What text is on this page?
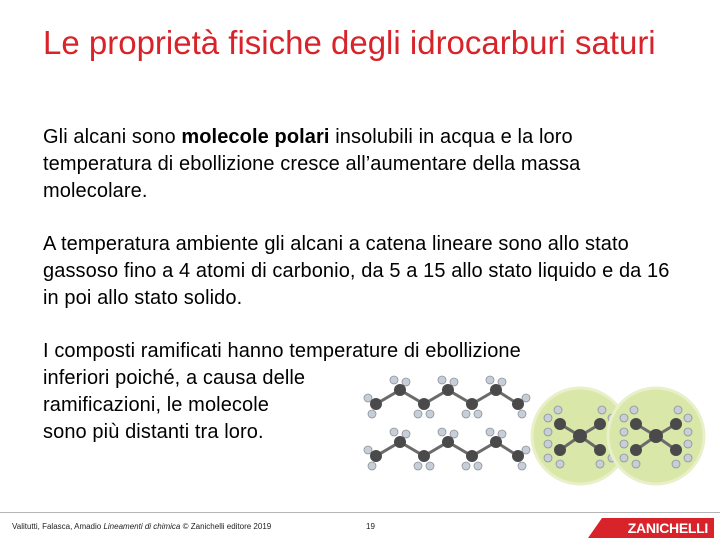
Le proprietà fisiche degli idrocarburi saturi
Gli alcani sono molecole polari insolubili in acqua e la loro temperatura di ebollizione cresce all’aumentare della massa molecolare.
A temperatura ambiente gli alcani a catena lineare sono allo stato gassoso fino a 4 atomi di carbonio, da 5 a 15 allo stato liquido e da 16 in poi allo stato solido.
I composti ramificati hanno temperature di ebollizione
inferiori poiché, a causa delle
ramificazioni, le molecole
sono più distanti tra loro.
Valitutti, Falasca, Amadio Lineamenti di chimica © Zanichelli editore 2019	19	ZANICHELLI
